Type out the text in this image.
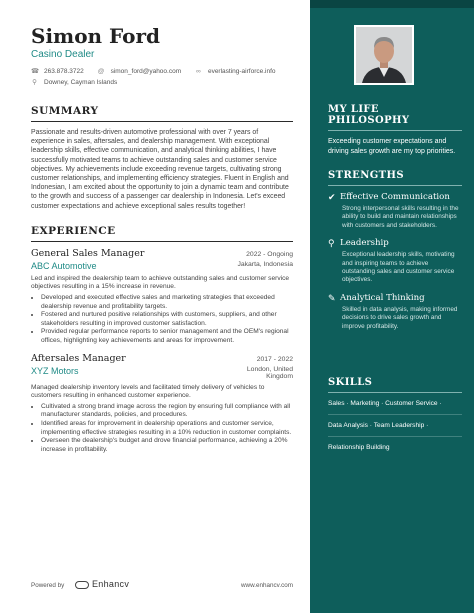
Simon Ford
Casino Dealer
☎ 263.878.3722 @ simon_ford@yahoo.com ∞ everlasting-airforce.info
⚲ Downey, Cayman Islands
SUMMARY
Passionate and results-driven automotive professional with over 7 years of experience in sales, aftersales, and dealership management. With exceptional leadership skills, effective communication, and analytical thinking abilities, I have successfully motivated teams to achieve outstanding sales and customer service objectives. My achievements include exceeding revenue targets, cultivating strong customer relationships, and implementing efficiency strategies. Fluent in English and Indonesian, I am excited about the opportunity to join a dynamic team and contribute to the growth and success of a passenger car dealership in Indonesia. Let's exceed customer expectations and achieve exceptional sales results together!
EXPERIENCE
General Sales Manager	2022 - Ongoing
ABC Automotive	Jakarta, Indonesia
Led and inspired the dealership team to achieve outstanding sales and customer service objectives resulting in a 15% increase in revenue.
• Developed and executed effective sales and marketing strategies that exceeded dealership revenue and profitability targets.
• Fostered and nurtured positive relationships with customers, suppliers, and other stakeholders resulting in improved customer satisfaction.
• Provided regular performance reports to senior management and the OEM's regional offices, highlighting key achievements and areas for improvement.
Aftersales Manager	2017 - 2022
XYZ Motors	London, United Kingdom
Managed dealership inventory levels and facilitated timely delivery of vehicles to customers resulting in enhanced customer experience.
• Cultivated a strong brand image across the region by ensuring full compliance with all manufacturer standards, policies, and procedures.
• Identified areas for improvement in dealership operations and customer service, implementing effective strategies resulting in a 10% reduction in customer complaints.
• Overseen the dealership's budget and drove financial performance, achieving a 20% increase in profitability.
MY LIFE PHILOSOPHY
Exceeding customer expectations and driving sales growth are my top priorities.
STRENGTHS
✔ Effective Communication
Strong interpersonal skills resulting in the ability to build and maintain relationships with customers and stakeholders.
⚲ Leadership
Exceptional leadership skills, motivating and inspiring teams to achieve outstanding sales and customer service objectives.
✎ Analytical Thinking
Skilled in data analysis, making informed decisions to drive sales growth and improve profitability.
SKILLS
Sales · Marketing · Customer Service ·
Data Analysis · Team Leadership ·
Relationship Building
Powered by	Enhancv	www.enhancv.com
